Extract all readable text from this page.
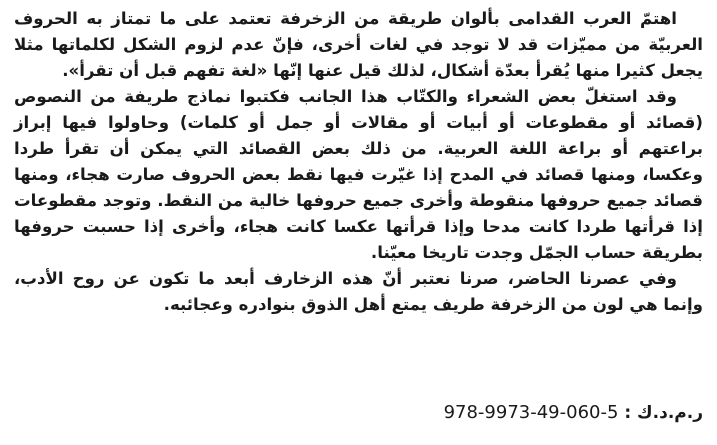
اهتمّ العرب القدامى بألوان طريقة من الزخرفة تعتمد على ما تمتاز به الحروف العربيّة من مميّزات قد لا توجد في لغات أخرى، فإنّ عدم لزوم الشكل لكلماتها مثلا يجعل كثيرا منها يُقرأ بعدّة أشكال، لذلك قيل عنها إنّها «لغة تفهم قبل أن تقرأ».

وقد استغلّ بعض الشعراء والكتّاب هذا الجانب فكتبوا نماذج طريفة من النصوص (قصائد أو مقطوعات أو أبيات أو مقالات أو جمل أو كلمات) وحاولوا فيها إبراز براعتهم أو براعة اللغة العربية. من ذلك بعض القصائد التي يمكن أن تقرأ طردا وعكسا، ومنها قصائد في المدح إذا غيّرت فيها نقط بعض الحروف صارت هجاء، ومنها قصائد جميع حروفها منقوطة وأخرى جميع حروفها خالية من النقط. وتوجد مقطوعات إذا قرأتها طردا كانت مدحا وإذا قرأتها عكسا كانت هجاء، وأخرى إذا حسبت حروفها بطريقة حساب الجمّل وجدت تاريخا معيّنا.

وفي عصرنا الحاضر، صرنا نعتبر أنّ هذه الزخارف أبعد ما تكون عن روح الأدب، وإنما هي لون من الزخرفة طريف يمتع أهل الذوق بنوادره وعجائبه.

ر.م.د.ك : 978-9973-49-060-5
